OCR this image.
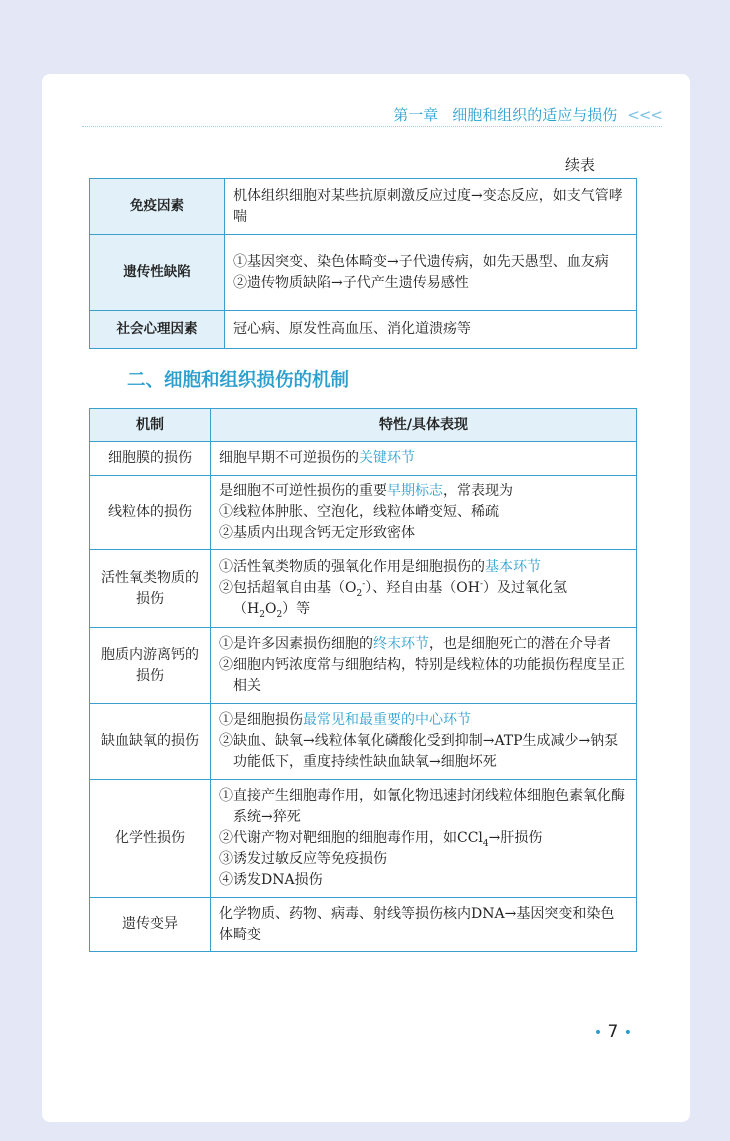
第一章 细胞和组织的适应与损伤 <<<
续表
免疫因素	机体组织细胞对某些抗原刺激反应过度→变态反应，如支气管哮喘

遗传性缺陷	①基因突变、染色体畸变→子代遗传病，如先天愚型、血友病
②遗传物质缺陷→子代产生遗传易感性

社会心理因素	冠心病、原发性高血压、消化道溃疡等
二、细胞和组织损伤的机制
机制	特性/具体表现
细胞膜的损伤	细胞早期不可逆损伤的关键环节

线粒体的损伤	是细胞不可逆性损伤的重要早期标志，常表现为
①线粒体肿胀、空泡化，线粒体嵴变短、稀疏
②基质内出现含钙无定形致密体

活性氧类物质的损伤	①活性氧类物质的强氧化作用是细胞损伤的基本环节
②包括超氧自由基$(O_2^-)$、羟自由基（OH-）及过氧化氢
$(H_2O_2)$等

胞质内游离钙的损伤	①是许多因素损伤细胞的终末环节，也是细胞死亡的潜在介导者
②细胞内钙浓度常与细胞结构，特别是线粒体的功能损伤程度呈正相关

缺血缺氧的损伤	①是细胞损伤最常见和最重要的中心环节
②缺血、缺氧→线粒体氧化磷酸化受到抑制→ATP生成减少→钠泵功能低下，重度持续性缺血缺氧→细胞坏死

化学性损伤	①直接产生细胞毒作用，如氰化物迅速封闭线粒体细胞色素氧化酶系统→猝死
②代谢产物对靶细胞的细胞毒作用，如CCl$_4$→肝损伤
③诱发过敏反应等免疫损伤
④诱发DNA损伤

遗传变异	化学物质、药物、病毒、射线等损伤核内DNA→基因突变和染色体畸变
• 7 •
